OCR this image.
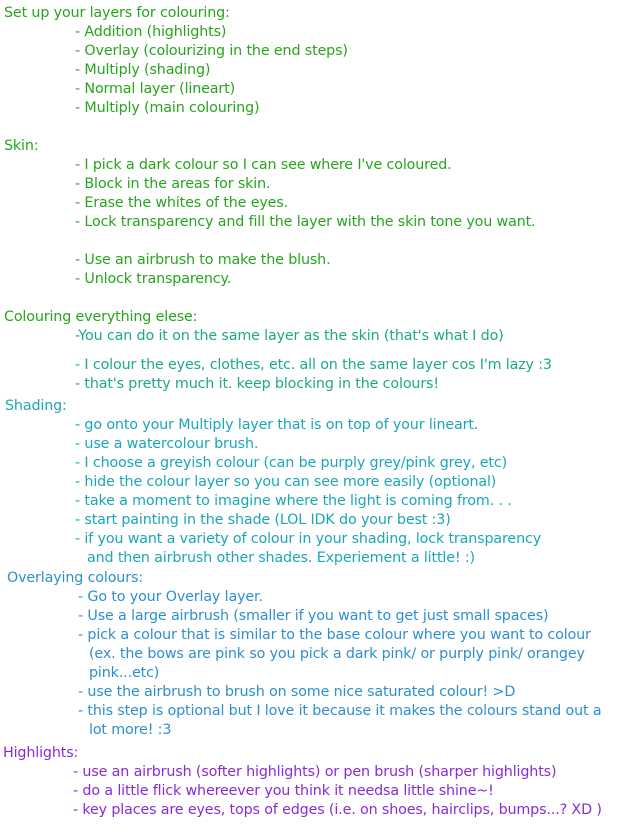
Set up your layers for colouring:
- Addition (highlights)
- Overlay (colourizing in the end steps)
- Multiply (shading)
- Normal layer (lineart)
- Multiply (main colouring)
Skin:
- I pick a dark colour so I can see where I've coloured.
- Block in the areas for skin.
- Erase the whites of the eyes.
- Lock transparency and fill the layer with the skin tone you want.
- Use an airbrush to make the blush.
- Unlock transparency.
Colouring everything elese:
-You can do it on the same layer as the skin (that's what I do)
- I colour the eyes, clothes, etc. all on the same layer cos I'm lazy :3
- that's pretty much it. keep blocking in the colours!
Shading:
- go onto your Multiply layer that is on top of your lineart.
- use a watercolour brush.
- I choose a greyish colour (can be purply grey/pink grey, etc)
- hide the colour layer so you can see more easily (optional)
- take a moment to imagine where the light is coming from. . .
- start painting in the shade (LOL IDK do your best :3)
- if you want a variety of colour in your shading, lock transparency
and then airbrush other shades. Experiement a little! :)
Overlaying colours:
- Go to your Overlay layer.
- Use a large airbrush (smaller if you want to get just small spaces)
- pick a colour that is similar to the base colour where you want to colour
(ex. the bows are pink so you pick a dark pink/ or purply pink/ orangey
pink...etc)
- use the airbrush to brush on some nice saturated colour! >D
- this step is optional but I love it because it makes the colours stand out a
lot more! :3
Highlights:
- use an airbrush (softer highlights) or pen brush (sharper highlights)
- do a little flick whereever you think it needsa little shine~!
- key places are eyes, tops of edges (i.e. on shoes, hairclips, bumps...? XD )
